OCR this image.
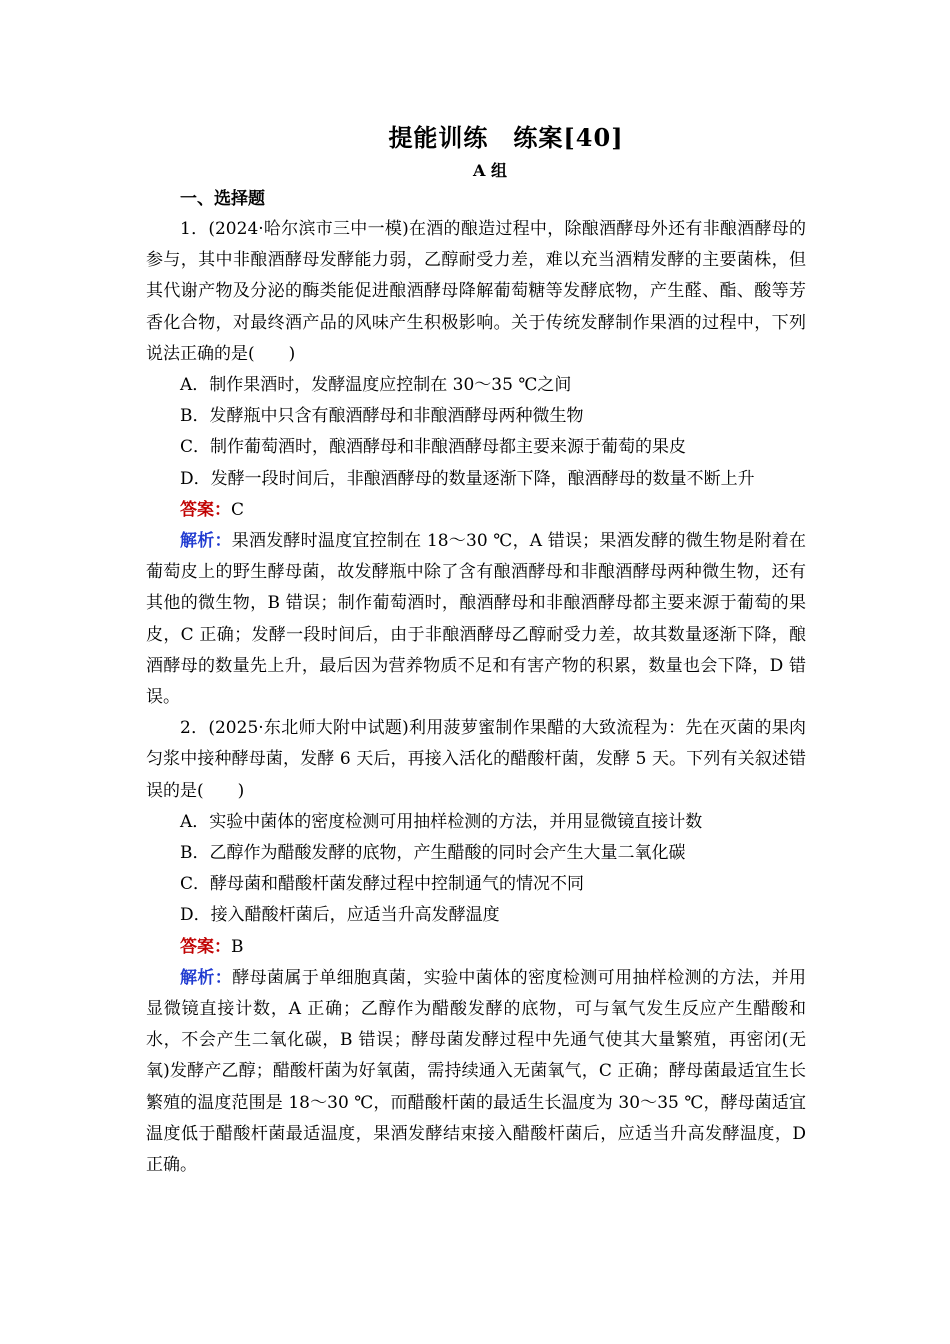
提能训练　练案[40]
A 组
一、选择题

1．(2024·哈尔滨市三中一模)在酒的酿造过程中，除酿酒酵母外还有非酿酒酵母的参与，其中非酿酒酵母发酵能力弱，乙醇耐受力差，难以充当酒精发酵的主要菌株，但其代谢产物及分泌的酶类能促进酿酒酵母降解葡萄糖等发酵底物，产生醛、酯、酸等芳香化合物，对最终酒产品的风味产生积极影响。关于传统发酵制作果酒的过程中，下列说法正确的是(　　)

A．制作果酒时，发酵温度应控制在 30～35 ℃之间

B．发酵瓶中只含有酿酒酵母和非酿酒酵母两种微生物

C．制作葡萄酒时，酿酒酵母和非酿酒酵母都主要来源于葡萄的果皮

D．发酵一段时间后，非酿酒酵母的数量逐渐下降，酿酒酵母的数量不断上升

答案：C

解析：果酒发酵时温度宜控制在 18～30 ℃，A 错误；果酒发酵的微生物是附着在葡萄皮上的野生酵母菌，故发酵瓶中除了含有酿酒酵母和非酿酒酵母两种微生物，还有其他的微生物，B 错误；制作葡萄酒时，酿酒酵母和非酿酒酵母都主要来源于葡萄的果皮，C 正确；发酵一段时间后，由于非酿酒酵母乙醇耐受力差，故其数量逐渐下降，酿酒酵母的数量先上升，最后因为营养物质不足和有害产物的积累，数量也会下降，D 错误。

2．(2025·东北师大附中试题)利用菠萝蜜制作果醋的大致流程为：先在灭菌的果肉匀浆中接种酵母菌，发酵 6 天后，再接入活化的醋酸杆菌，发酵 5 天。下列有关叙述错误的是(　　)

A．实验中菌体的密度检测可用抽样检测的方法，并用显微镜直接计数

B．乙醇作为醋酸发酵的底物，产生醋酸的同时会产生大量二氧化碳

C．酵母菌和醋酸杆菌发酵过程中控制通气的情况不同

D．接入醋酸杆菌后，应适当升高发酵温度

答案：B

解析：酵母菌属于单细胞真菌，实验中菌体的密度检测可用抽样检测的方法，并用显微镜直接计数，A 正确；乙醇作为醋酸发酵的底物，可与氧气发生反应产生醋酸和水，不会产生二氧化碳，B 错误；酵母菌发酵过程中先通气使其大量繁殖，再密闭(无氧)发酵产乙醇；醋酸杆菌为好氧菌，需持续通入无菌氧气，C 正确；酵母菌最适宜生长繁殖的温度范围是 18～30 ℃，而醋酸杆菌的最适生长温度为 30～35 ℃，酵母菌适宜温度低于醋酸杆菌最适温度，果酒发酵结束接入醋酸杆菌后，应适当升高发酵温度，D 正确。
